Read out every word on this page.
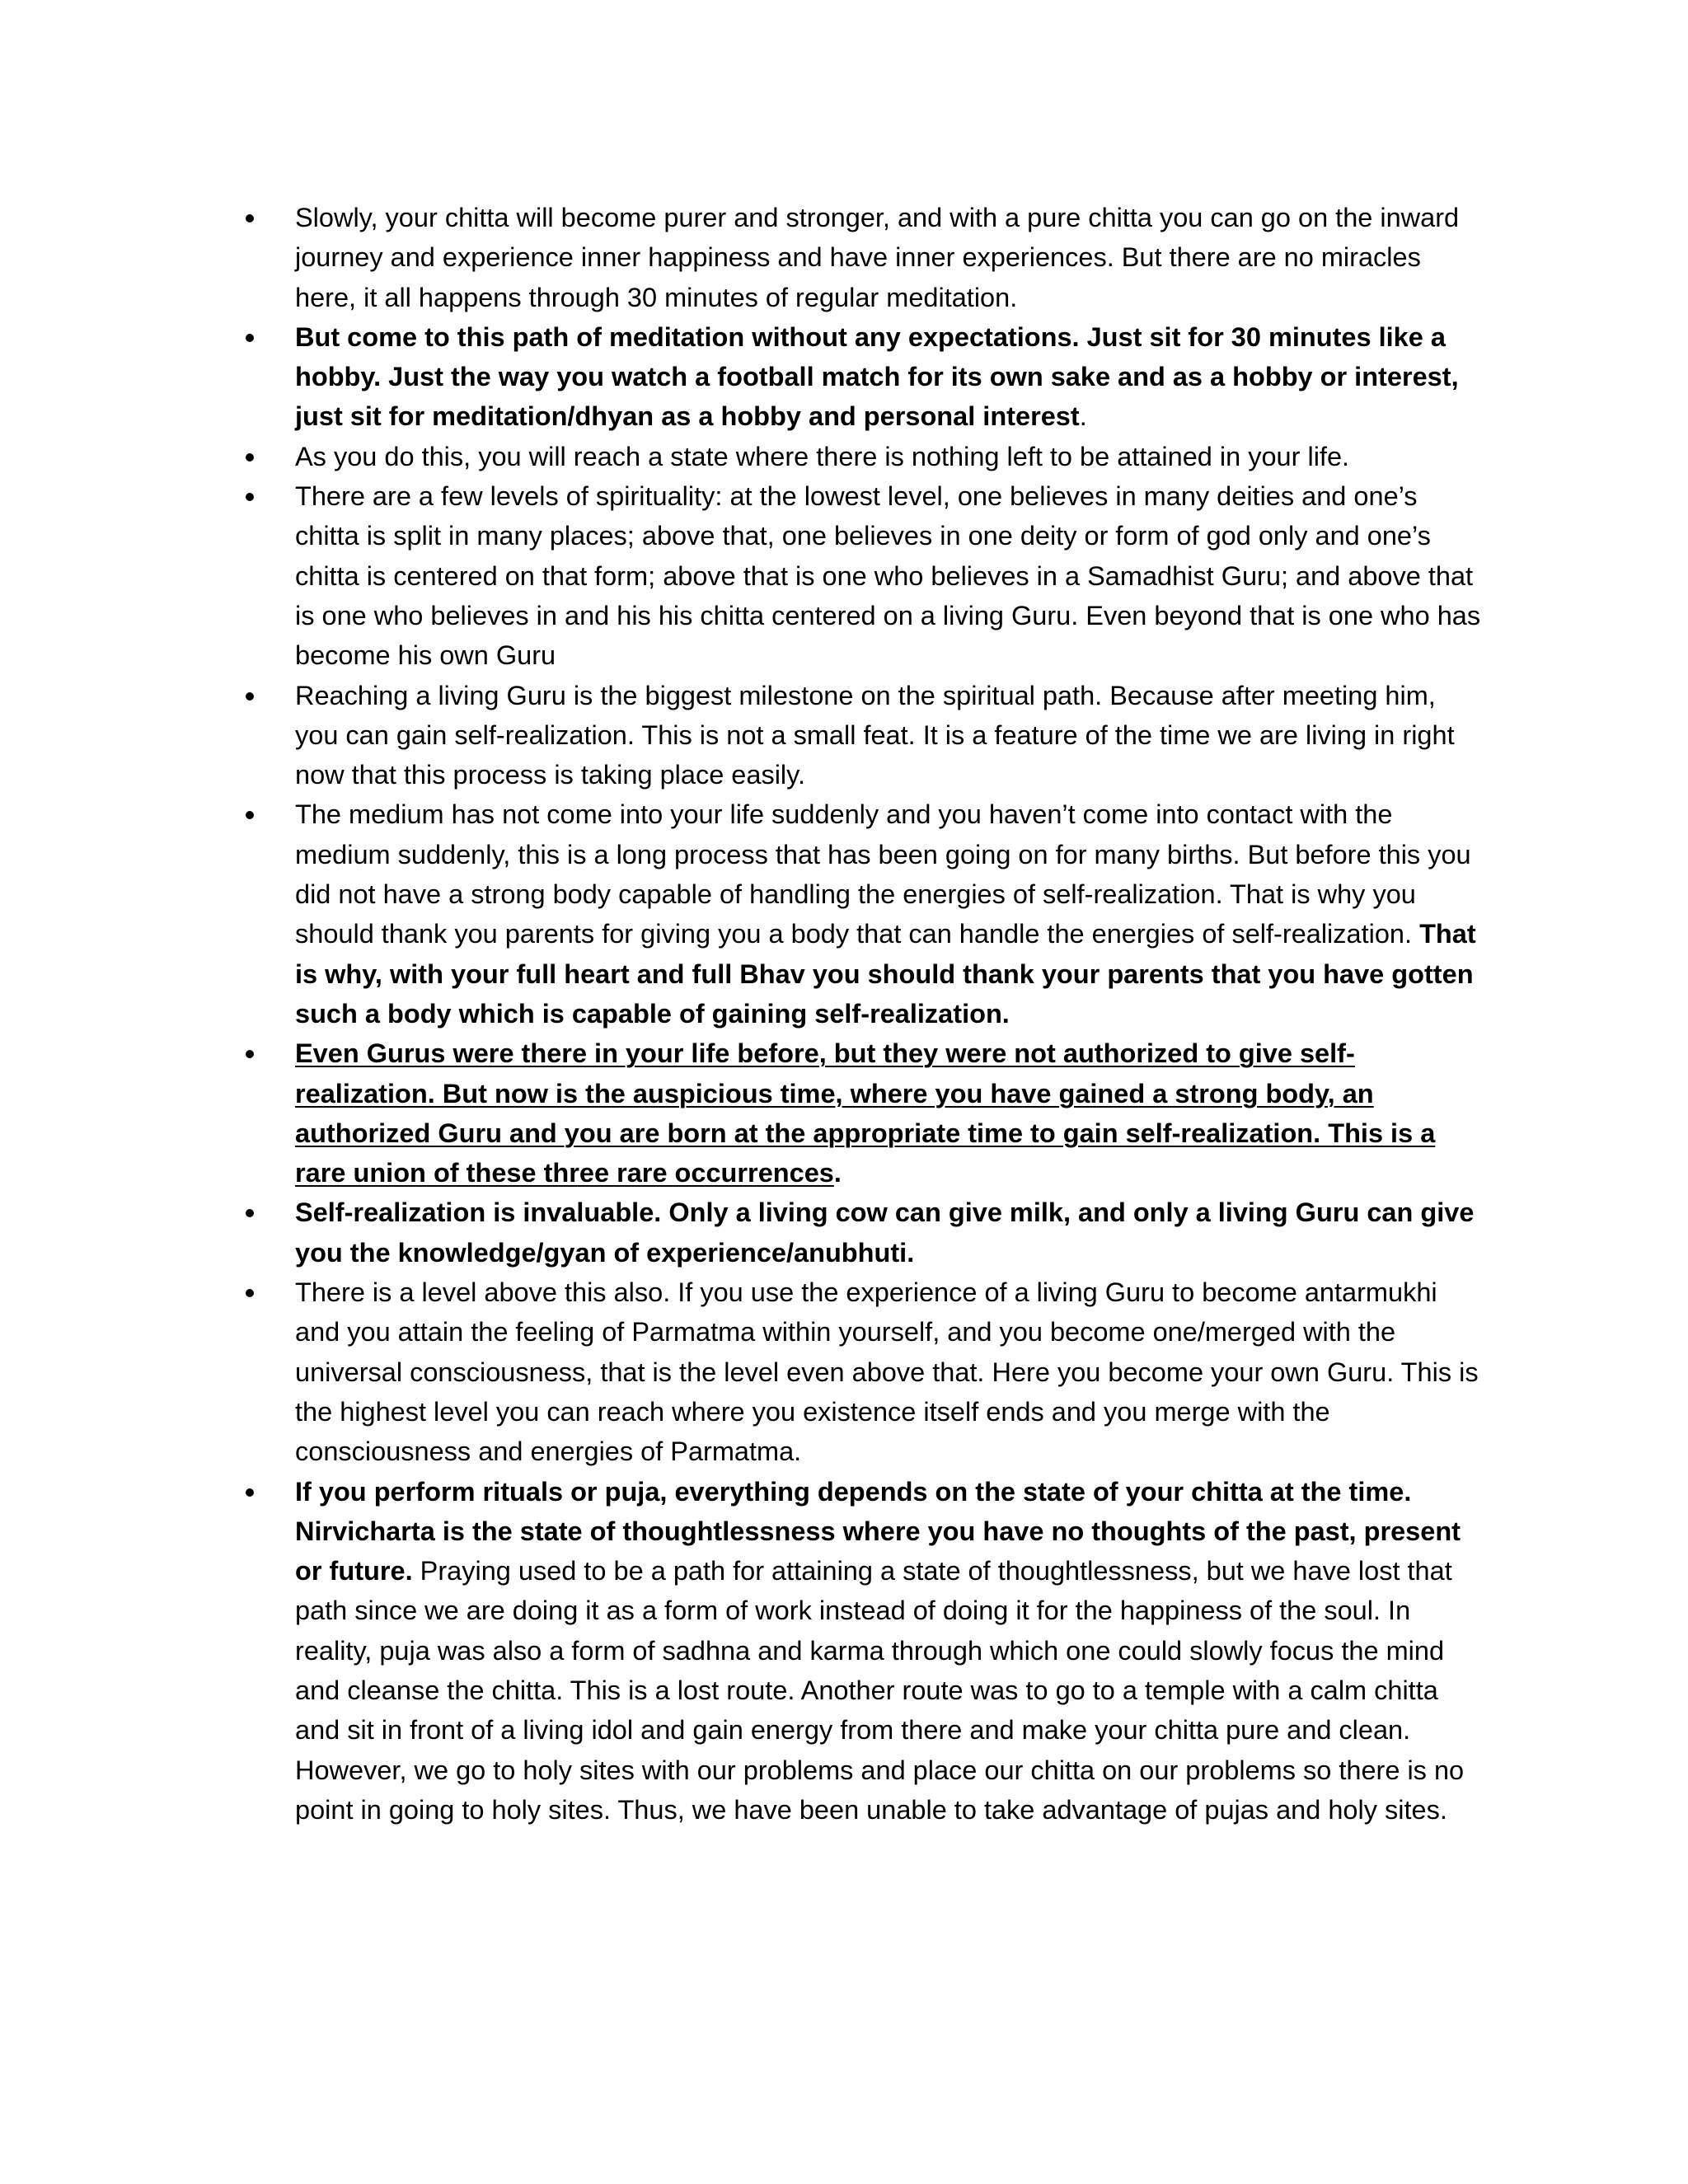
Slowly, your chitta will become purer and stronger, and with a pure chitta you can go on the inward journey and experience inner happiness and have inner experiences. But there are no miracles here, it all happens through 30 minutes of regular meditation.
But come to this path of meditation without any expectations. Just sit for 30 minutes like a hobby. Just the way you watch a football match for its own sake and as a hobby or interest, just sit for meditation/dhyan as a hobby and personal interest.
As you do this, you will reach a state where there is nothing left to be attained in your life.
There are a few levels of spirituality: at the lowest level, one believes in many deities and one’s chitta is split in many places; above that, one believes in one deity or form of god only and one’s chitta is centered on that form; above that is one who believes in a Samadhist Guru; and above that is one who believes in and his his chitta centered on a living Guru. Even beyond that is one who has become his own Guru
Reaching a living Guru is the biggest milestone on the spiritual path. Because after meeting him, you can gain self-realization. This is not a small feat. It is a feature of the time we are living in right now that this process is taking place easily.
The medium has not come into your life suddenly and you haven’t come into contact with the medium suddenly, this is a long process that has been going on for many births. But before this you did not have a strong body capable of handling the energies of self-realization. That is why you should thank you parents for giving you a body that can handle the energies of self-realization. That is why, with your full heart and full Bhav you should thank your parents that you have gotten such a body which is capable of gaining self-realization.
Even Gurus were there in your life before, but they were not authorized to give self-realization. But now is the auspicious time, where you have gained a strong body, an authorized Guru and you are born at the appropriate time to gain self-realization. This is a rare union of these three rare occurrences.
Self-realization is invaluable. Only a living cow can give milk, and only a living Guru can give you the knowledge/gyan of experience/anubhuti.
There is a level above this also. If you use the experience of a living Guru to become antarmukhi and you attain the feeling of Parmatma within yourself, and you become one/merged with the universal consciousness, that is the level even above that. Here you become your own Guru. This is the highest level you can reach where you existence itself ends and you merge with the consciousness and energies of Parmatma.
If you perform rituals or puja, everything depends on the state of your chitta at the time. Nirvicharta is the state of thoughtlessness where you have no thoughts of the past, present or future. Praying used to be a path for attaining a state of thoughtlessness, but we have lost that path since we are doing it as a form of work instead of doing it for the happiness of the soul. In reality, puja was also a form of sadhna and karma through which one could slowly focus the mind and cleanse the chitta. This is a lost route. Another route was to go to a temple with a calm chitta and sit in front of a living idol and gain energy from there and make your chitta pure and clean. However, we go to holy sites with our problems and place our chitta on our problems so there is no point in going to holy sites. Thus, we have been unable to take advantage of pujas and holy sites.
